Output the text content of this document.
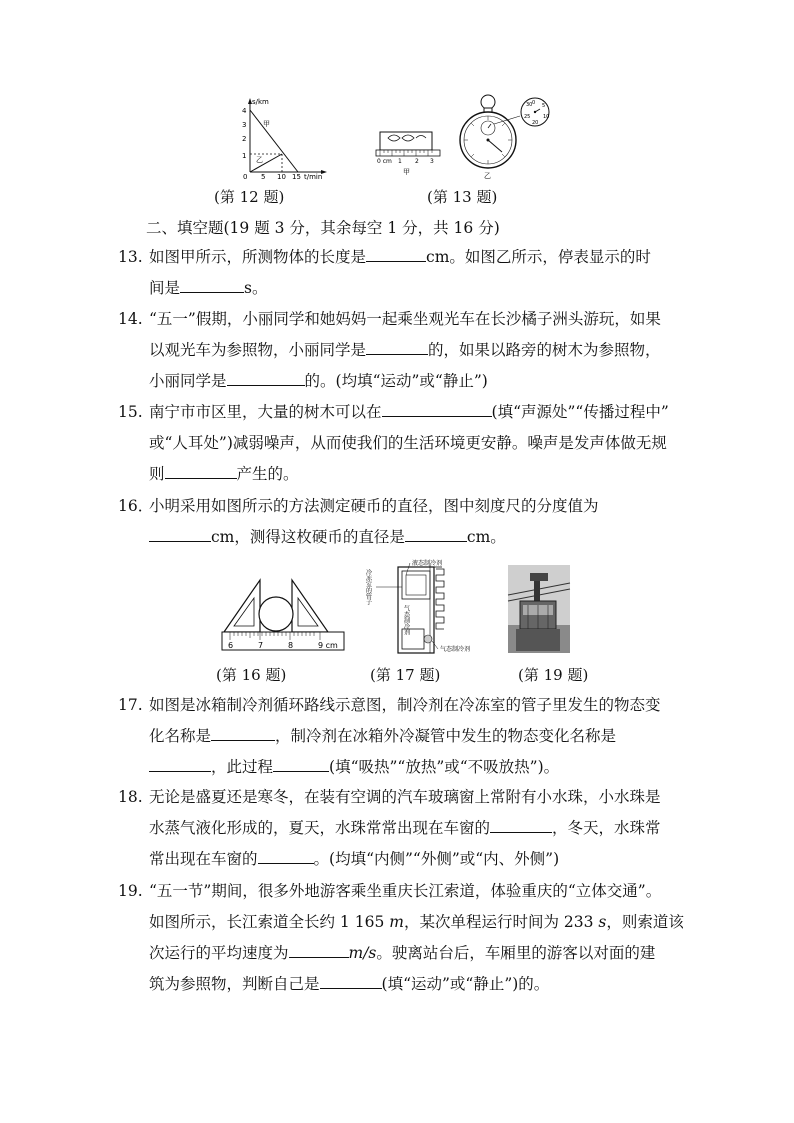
s/km
t/min
1
2
3
4
0 5 10 15
甲
乙	0 cm 1 2 3
甲
0
30 5
10
25
20
乙
(第 12 题)	(第 13 题)
二、填空题(19 题 3 分，其余每空 1 分，共 16 分)
13. 如图甲所示，所测物体的长度是	cm。如图乙所示，停表显示的时
间是	s。
14. “五一”假期，小丽同学和她妈妈一起乘坐观光车在长沙橘子洲头游玩，如果
以观光车为参照物，小丽同学是	的，如果以路旁的树木为参照物，
小丽同学是	的。(均填“运动”或“静止”)
15. 南宁市市区里，大量的树木可以在	(填“声源处”“传播过程中”
或“人耳处”)减弱噪声，从而使我们的生活环境更安静。噪声是发声体做无规
则	产生的。
16．
小明采用如图所示的方法测定硬币的直径，图中刻度尺的分度值为
cm，测得这枚硬币的直径是	cm。
6	7	8	9 cm
液态制冷剂
冷冻室的管子
气态制冷剂
气态制冷剂
(第 16 题)	(第 17 题)	(第 19 题)
17. 如图是冰箱制冷剂循环路线示意图，制冷剂在冷冻室的管子里发生的物态变
化名称是	，制冷剂在冰箱外冷凝管中发生的物态变化名称是
，此过程	(填“吸热”“放热”或“不吸放热”)。
18. 无论是盛夏还是寒冬，在装有空调的汽车玻璃窗上常附有小水珠，小水珠是
水蒸气液化形成的，夏天，水珠常常出现在车窗的	，冬天，水珠常
常出现在车窗的	。(均填“内侧”“外侧”或“内、外侧”)
19. “五一节”期间，很多外地游客乘坐重庆长江索道，体验重庆的“立体交通”。
如图所示，长江索道全长约 1 165 m，某次单程运行时间为 233 s，则索道该
次运行的平均速度为	m/s。驶离站台后，车厢里的游客以对面的建
筑为参照物，判断自己是	(填“运动”或“静止”)的。
